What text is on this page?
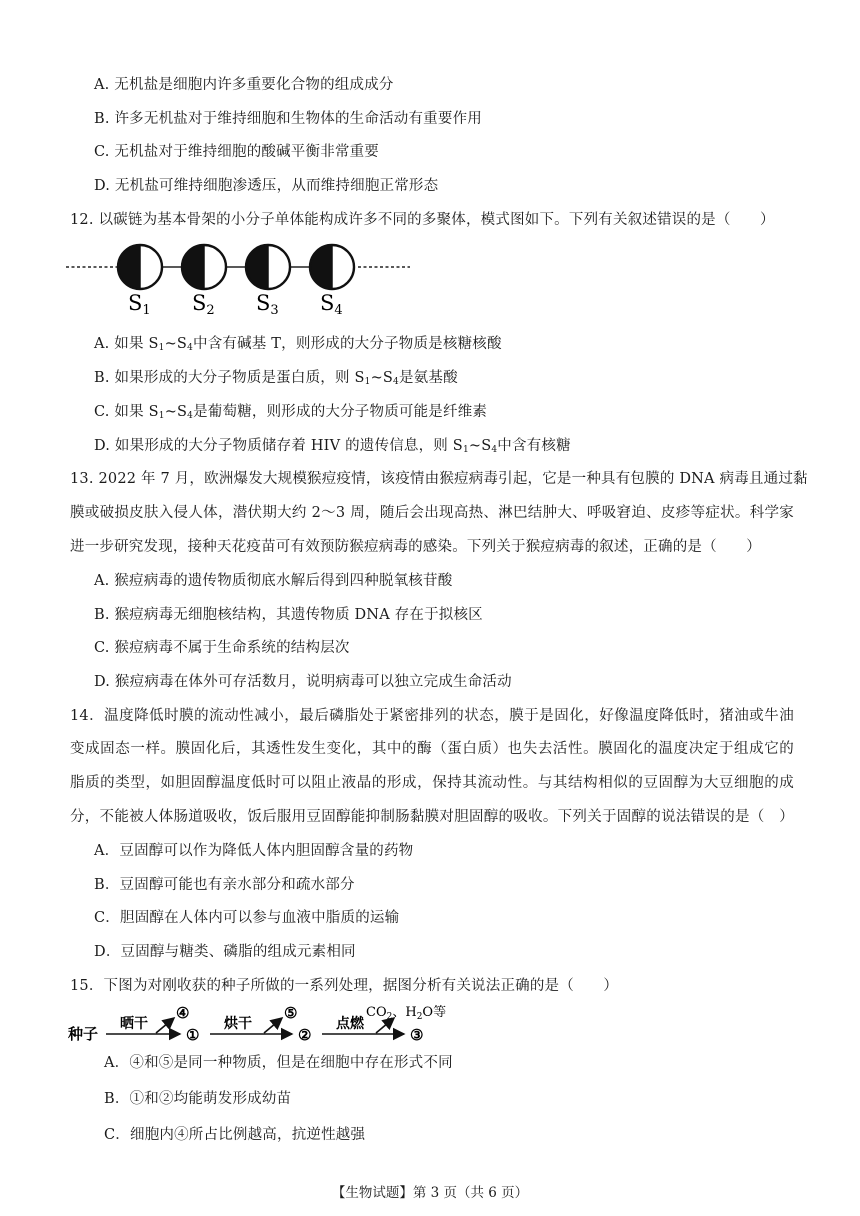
A. 无机盐是细胞内许多重要化合物的组成成分
B. 许多无机盐对于维持细胞和生物体的生命活动有重要作用
C. 无机盐对于维持细胞的酸碱平衡非常重要
D. 无机盐可维持细胞渗透压，从而维持细胞正常形态
12. 以碳链为基本骨架的小分子单体能构成许多不同的多聚体，模式图如下。下列有关叙述错误的是（　　）
S1 S2 S3 S4
A. 如果 $S_1\sim S_4$中含有碱基 T，则形成的大分子物质是核糖核酸
B. 如果形成的大分子物质是蛋白质，则 $S_1\sim S_4$是氨基酸
C. 如果 $S_1\sim S_4$是葡萄糖，则形成的大分子物质可能是纤维素
D. 如果形成的大分子物质储存着 HIV 的遗传信息，则 $S_1\sim S_4$中含有核糖
13. 2022 年 7 月，欧洲爆发大规模猴痘疫情，该疫情由猴痘病毒引起，它是一种具有包膜的 DNA 病毒且通过黏
膜或破损皮肤入侵人体，潜伏期大约 2～3 周，随后会出现高热、淋巴结肿大、呼吸窘迫、皮疹等症状。科学家
进一步研究发现，接种天花疫苗可有效预防猴痘病毒的感染。下列关于猴痘病毒的叙述，正确的是（　　）
A. 猴痘病毒的遗传物质彻底水解后得到四种脱氧核苷酸
B. 猴痘病毒无细胞核结构，其遗传物质 DNA 存在于拟核区
C. 猴痘病毒不属于生命系统的结构层次
D. 猴痘病毒在体外可存活数月，说明病毒可以独立完成生命活动
14．温度降低时膜的流动性减小，最后磷脂处于紧密排列的状态，膜于是固化，好像温度降低时，猪油或牛油
变成固态一样。膜固化后，其透性发生变化，其中的酶（蛋白质）也失去活性。膜固化的温度决定于组成它的
脂质的类型，如胆固醇温度低时可以阻止液晶的形成，保持其流动性。与其结构相似的豆固醇为大豆细胞的成
分，不能被人体肠道吸收，饭后服用豆固醇能抑制肠黏膜对胆固醇的吸收。下列关于固醇的说法错误的是（　）
A．豆固醇可以作为降低人体内胆固醇含量的药物
B．豆固醇可能也有亲水部分和疏水部分
C．胆固醇在人体内可以参与血液中脂质的运输
D．豆固醇与糖类、磷脂的组成元素相同
15．下图为对刚收获的种子所做的一系列处理，据图分析有关说法正确的是（　　）
种子
晒干
④
①
烘干
⑤
②
点燃
$CO_2$、$H_2O$等
③
A．④和⑤是同一种物质，但是在细胞中存在形式不同
B．①和②均能萌发形成幼苗
C．细胞内④所占比例越高，抗逆性越强
【生物试题】第 3 页（共 6 页）
